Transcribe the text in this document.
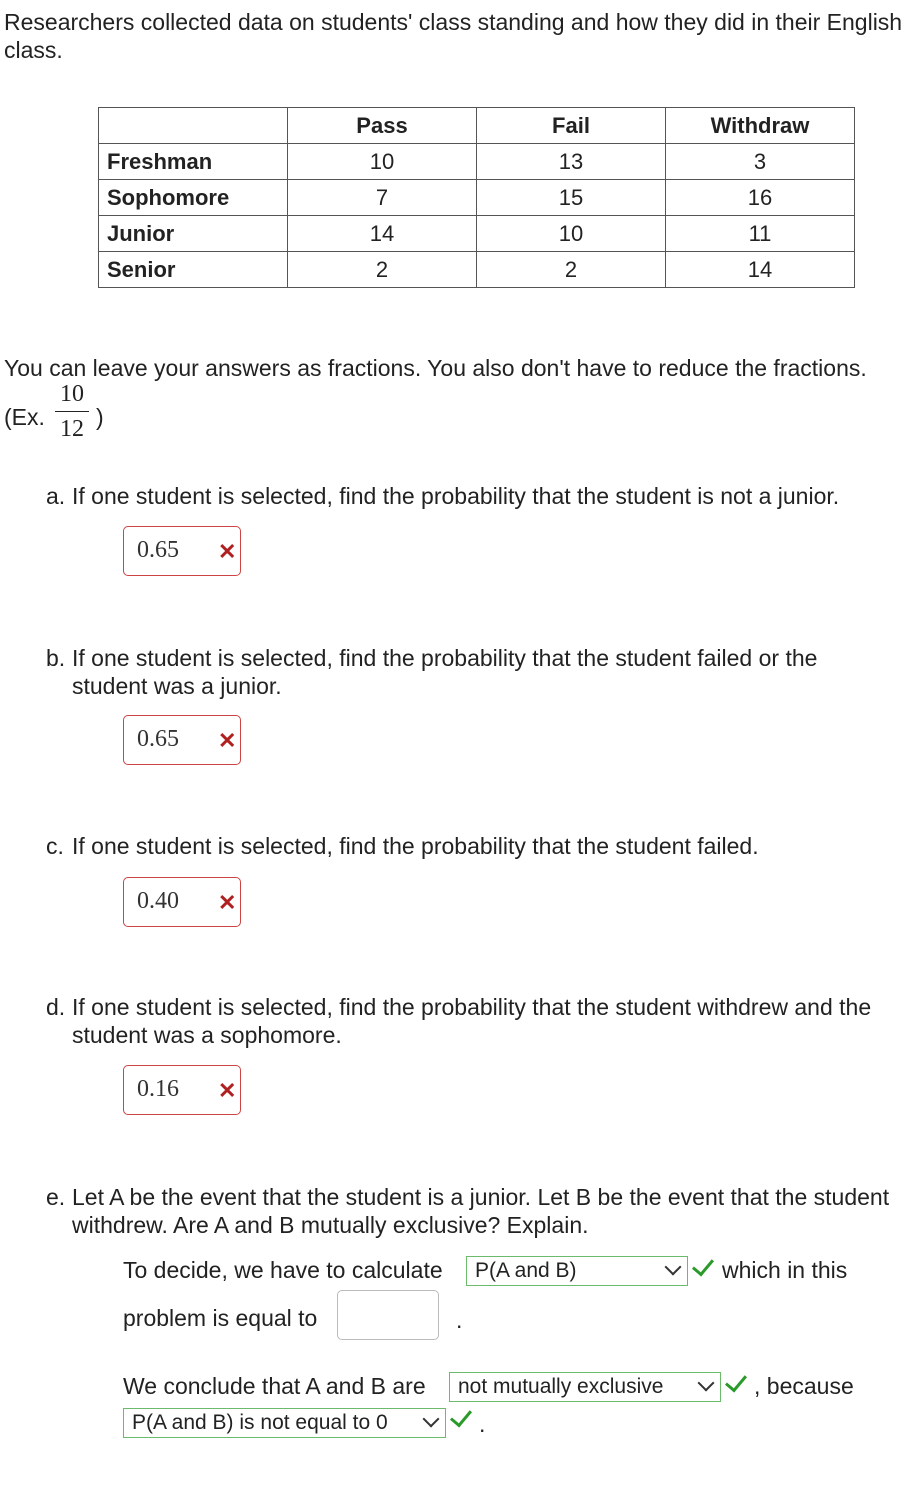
Researchers collected data on students' class standing and how they did in their English class.
	Pass	Fail	Withdraw
Freshman	10	13	3
Sophomore	7	15	16
Junior	14	10	11
Senior	2	2	14
You can leave your answers as fractions. You also don't have to reduce the fractions.
(Ex.
10
12 )
a. If one student is selected, find the probability that the student is not a junior.
0.65 ✕
b. If one student is selected, find the probability that the student failed or the
student was a junior.
0.65 ✕
c. If one student is selected, find the probability that the student failed.
0.40 ✕
d. If one student is selected, find the probability that the student withdrew and the
student was a sophomore.
0.16 ✕
e. Let A be the event that the student is a junior. Let B be the event that the student
withdrew. Are A and B mutually exclusive? Explain.
To decide, we have to calculate	P(A and B)	which in this
problem is equal to	.
We conclude that A and B are	not mutually exclusive	, because
P(A and B) is not equal to 0	.
